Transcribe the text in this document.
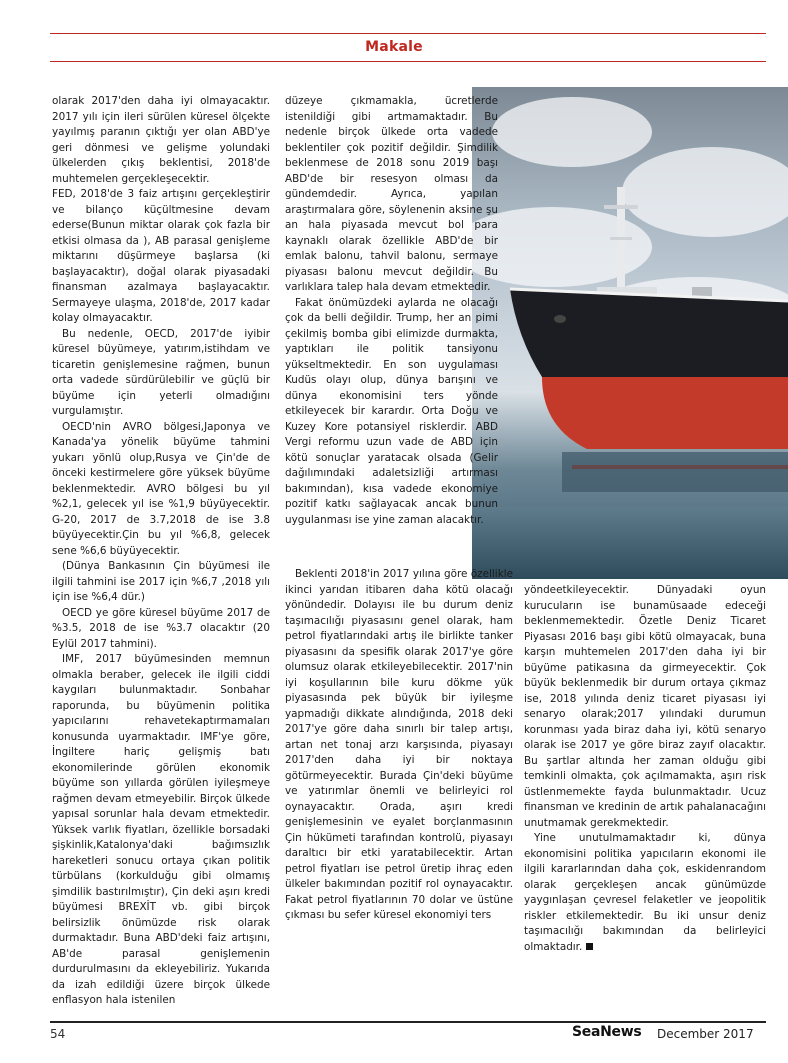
Makale

olarak 2017'den daha iyi olmayacaktır. 2017 yılı için ileri sürülen küresel ölçekte yayılmış paranın çıktığı yer olan ABD'ye geri dönmesi ve gelişme yolundaki ülkelerden çıkış beklentisi, 2018'de muhtemelen gerçekleşecektir.

FED, 2018'de 3 faiz artışını gerçekleştirir ve bilanço küçültmesine devam ederse(Bunun miktar olarak çok fazla bir etkisi olmasa da ), AB parasal genişleme miktarını düşürmeye başlarsa (ki başlayacaktır), doğal olarak piyasadaki finansman azalmaya başlayacaktır. Sermayeye ulaşma, 2018'de, 2017 kadar kolay olmayacaktır.

Bu nedenle, OECD, 2017'de iyibir küresel büyümeye, yatırım,istihdam ve ticaretin genişlemesine rağmen, bunun orta vadede sürdürülebilir ve güçlü bir büyüme için yeterli olmadığını vurgulamıştır.

OECD'nin AVRO bölgesi,Japonya ve Kanada'ya yönelik büyüme tahmini yukarı yönlü olup,Rusya ve Çin'de de önceki kestirmelere göre yüksek büyüme beklenmektedir. AVRO bölgesi bu yıl %2,1, gelecek yıl ise %1,9 büyüyecektir. G-20, 2017 de 3.7,2018 de ise 3.8 büyüyecektir.Çin bu yıl %6,8, gelecek sene %6,6 büyüyecektir.

(Dünya Bankasının Çin büyümesi ile ilgili tahmini ise 2017 için %6,7 ,2018 yılı için ise %6,4 dür.)

OECD ye göre küresel büyüme 2017 de %3.5, 2018 de ise %3.7 olacaktır (20 Eylül 2017 tahmini).

IMF, 2017 büyümesinden memnun olmakla beraber, gelecek ile ilgili ciddi kaygıları bulunmaktadır. Sonbahar raporunda, bu büyümenin politika yapıcılarını rehavetekaptırmamaları konusunda uyarmaktadır. IMF'ye göre, İngiltere hariç gelişmiş batı ekonomilerinde görülen ekonomik büyüme son yıllarda görülen iyileşmeye rağmen devam etmeyebilir. Birçok ülkede yapısal sorunlar hala devam etmektedir. Yüksek varlık fiyatları, özellikle borsadaki şişkinlik,Katalonya'daki bağımsızlık hareketleri sonucu ortaya çıkan politik türbülans (korkulduğu gibi olmamış şimdilik bastırılmıştır), Çin deki aşırı kredi büyümesi BREXİT vb. gibi birçok belirsizlik önümüzde risk olarak durmaktadır. Buna ABD'deki faiz artışını, AB'de parasal genişlemenin durdurulmasını da ekleyebiliriz. Yukarıda da izah edildiği üzere birçok ülkede enflasyon hala istenilen

düzeye çıkmamakla, ücretlerde istenildiği gibi artmamaktadır. Bu nedenle birçok ülkede orta vadede beklentiler çok pozitif değildir. Şimdilik beklenmese de 2018 sonu 2019 başı ABD'de bir resesyon olması da gündemdedir. Ayrıca, yapılan araştırmalara göre, söylenenin aksine şu an hala piyasada mevcut bol para kaynaklı olarak özellikle ABD'de bir emlak balonu, tahvil balonu, sermaye piyasası balonu mevcut değildir. Bu varlıklara talep hala devam etmektedir.

Fakat önümüzdeki aylarda ne olacağı çok da belli değildir. Trump, her an pimi çekilmiş bomba gibi elimizde durmakta, yaptıkları ile politik tansiyonu yükseltmektedir. En son uygulaması Kudüs olayı olup, dünya barışını ve dünya ekonomisini ters yönde etkileyecek bir karardır. Orta Doğu ve Kuzey Kore potansiyel risklerdir. ABD Vergi reformu uzun vade de ABD için kötü sonuçlar yaratacak olsada (Gelir dağılımındaki adaletsizliği artırması bakımından), kısa vadede ekonomiye pozitif katkı sağlayacak ancak bunun uygulanması ise yine zaman alacaktır.

Beklenti 2018'in 2017 yılına göre özellikle ikinci yarıdan itibaren daha kötü olacağı yönündedir. Dolayısı ile bu durum deniz taşımacılığı piyasasını genel olarak, ham petrol fiyatlarındaki artış ile birlikte tanker piyasasını da spesifik olarak 2017'ye göre olumsuz olarak etkileyebilecektir. 2017'nin iyi koşullarının bile kuru dökme yük piyasasında pek büyük bir iyileşme yapmadığı dikkate alındığında, 2018 deki 2017'ye göre daha sınırlı bir talep artışı, artan net tonaj arzı karşısında, piyasayı 2017'den daha iyi bir noktaya götürmeyecektir. Burada Çin'deki büyüme ve yatırımlar önemli ve belirleyici rol oynayacaktır. Orada, aşırı kredi genişlemesinin ve eyalet borçlanmasının Çin hükümeti tarafından kontrolü, piyasayı daraltıcı bir etki yaratabilecektir. Artan petrol fiyatları ise petrol üretip ihraç eden ülkeler bakımından pozitif rol oynayacaktır. Fakat petrol fiyatlarının 70 dolar ve üstüne çıkması bu sefer küresel ekonomiyi ters

yöndeetkileyecektir. Dünyadaki oyun kurucuların ise bunamüsaade edeceği beklenmemektedir. Özetle Deniz Ticaret Piyasası 2016 başı gibi kötü olmayacak, buna karşın muhtemelen 2017'den daha iyi bir büyüme patikasına da girmeyecektir. Çok büyük beklenmedik bir durum ortaya çıkmaz ise, 2018 yılında deniz ticaret piyasası iyi senaryo olarak;2017 yılındaki durumun korunması yada biraz daha iyi, kötü senaryo olarak ise 2017 ye göre biraz zayıf olacaktır. Bu şartlar altında her zaman olduğu gibi temkinli olmakta, çok açılmamakta, aşırı risk üstlenmemekte fayda bulunmaktadır. Ucuz finansman ve kredinin de artık pahalanacağını unutmamak gerekmektedir.

Yine unutulmamaktadır ki, dünya ekonomisini politika yapıcıların ekonomi ile ilgili kararlarından daha çok, eskidenrandom olarak gerçekleşen ancak günümüzde yaygınlaşan çevresel felaketler ve jeopolitik riskler etkilemektedir. Bu iki unsur deniz taşımacılığı bakımından da belirleyici olmaktadır.

54	SeaNews December 2017
